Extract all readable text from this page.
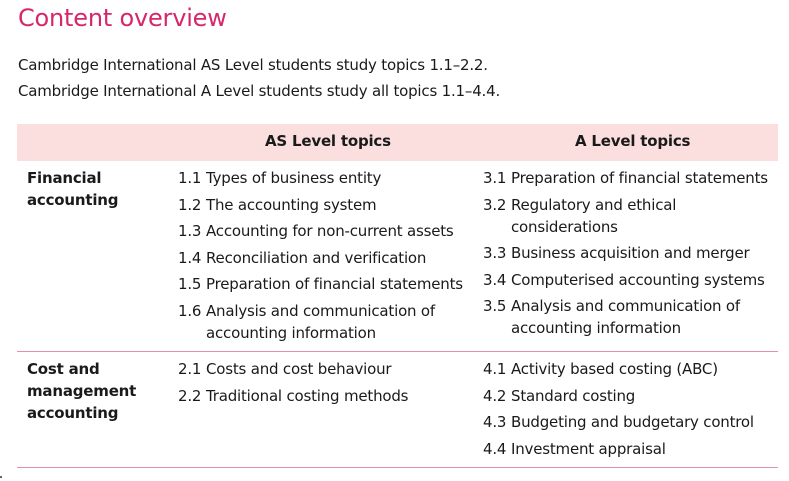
Content overview
Cambridge International AS Level students study topics 1.1–2.2.
Cambridge International A Level students study all topics 1.1–4.4.
AS Level topics	A Level topics
Financial
accounting
1.1 Types of business entity
1.2 The accounting system
1.3 Accounting for non-current assets
1.4 Reconciliation and verification
1.5 Preparation of financial statements
1.6 Analysis and communication of accounting information
3.1 Preparation of financial statements
3.2 Regulatory and ethical considerations
3.3 Business acquisition and merger
3.4 Computerised accounting systems
3.5 Analysis and communication of accounting information
Cost and
management
accounting
2.1 Costs and cost behaviour
2.2 Traditional costing methods
4.1 Activity based costing (ABC)
4.2 Standard costing
4.3 Budgeting and budgetary control
4.4 Investment appraisal
